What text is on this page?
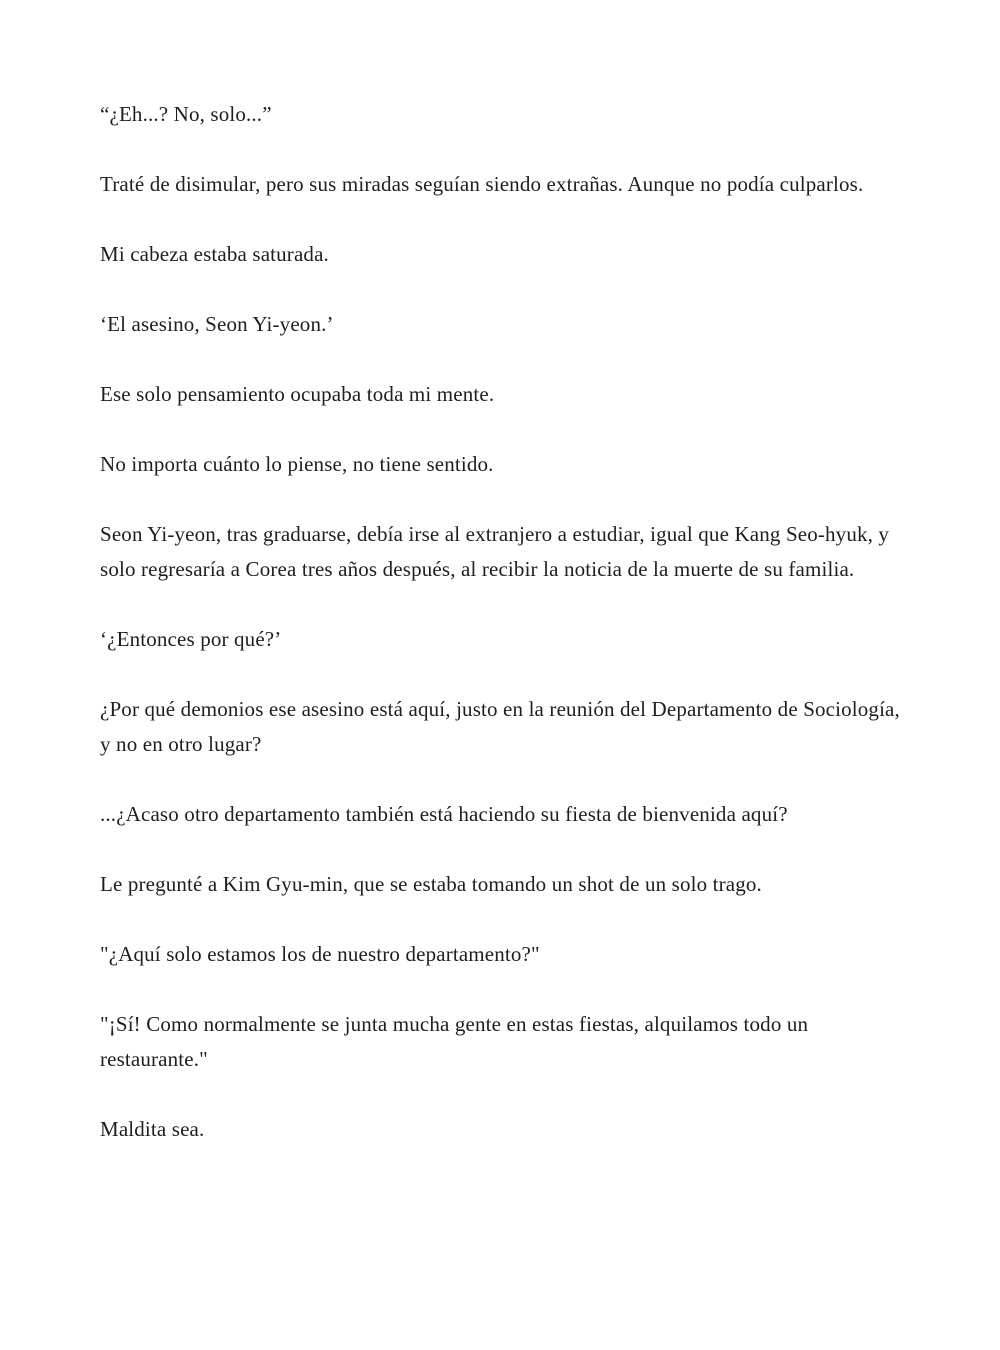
“¿Eh...? No, solo...”

Traté de disimular, pero sus miradas seguían siendo extrañas. Aunque no podía culparlos.

Mi cabeza estaba saturada.

‘El asesino, Seon Yi-yeon.’

Ese solo pensamiento ocupaba toda mi mente.

No importa cuánto lo piense, no tiene sentido.

Seon Yi-yeon, tras graduarse, debía irse al extranjero a estudiar, igual que Kang Seo-hyuk, y solo regresaría a Corea tres años después, al recibir la noticia de la muerte de su familia.

‘¿Entonces por qué?’

¿Por qué demonios ese asesino está aquí, justo en la reunión del Departamento de Sociología, y no en otro lugar?

...¿Acaso otro departamento también está haciendo su fiesta de bienvenida aquí?

Le pregunté a Kim Gyu-min, que se estaba tomando un shot de un solo trago.

"¿Aquí solo estamos los de nuestro departamento?"

"¡Sí! Como normalmente se junta mucha gente en estas fiestas, alquilamos todo un restaurante."

Maldita sea.
